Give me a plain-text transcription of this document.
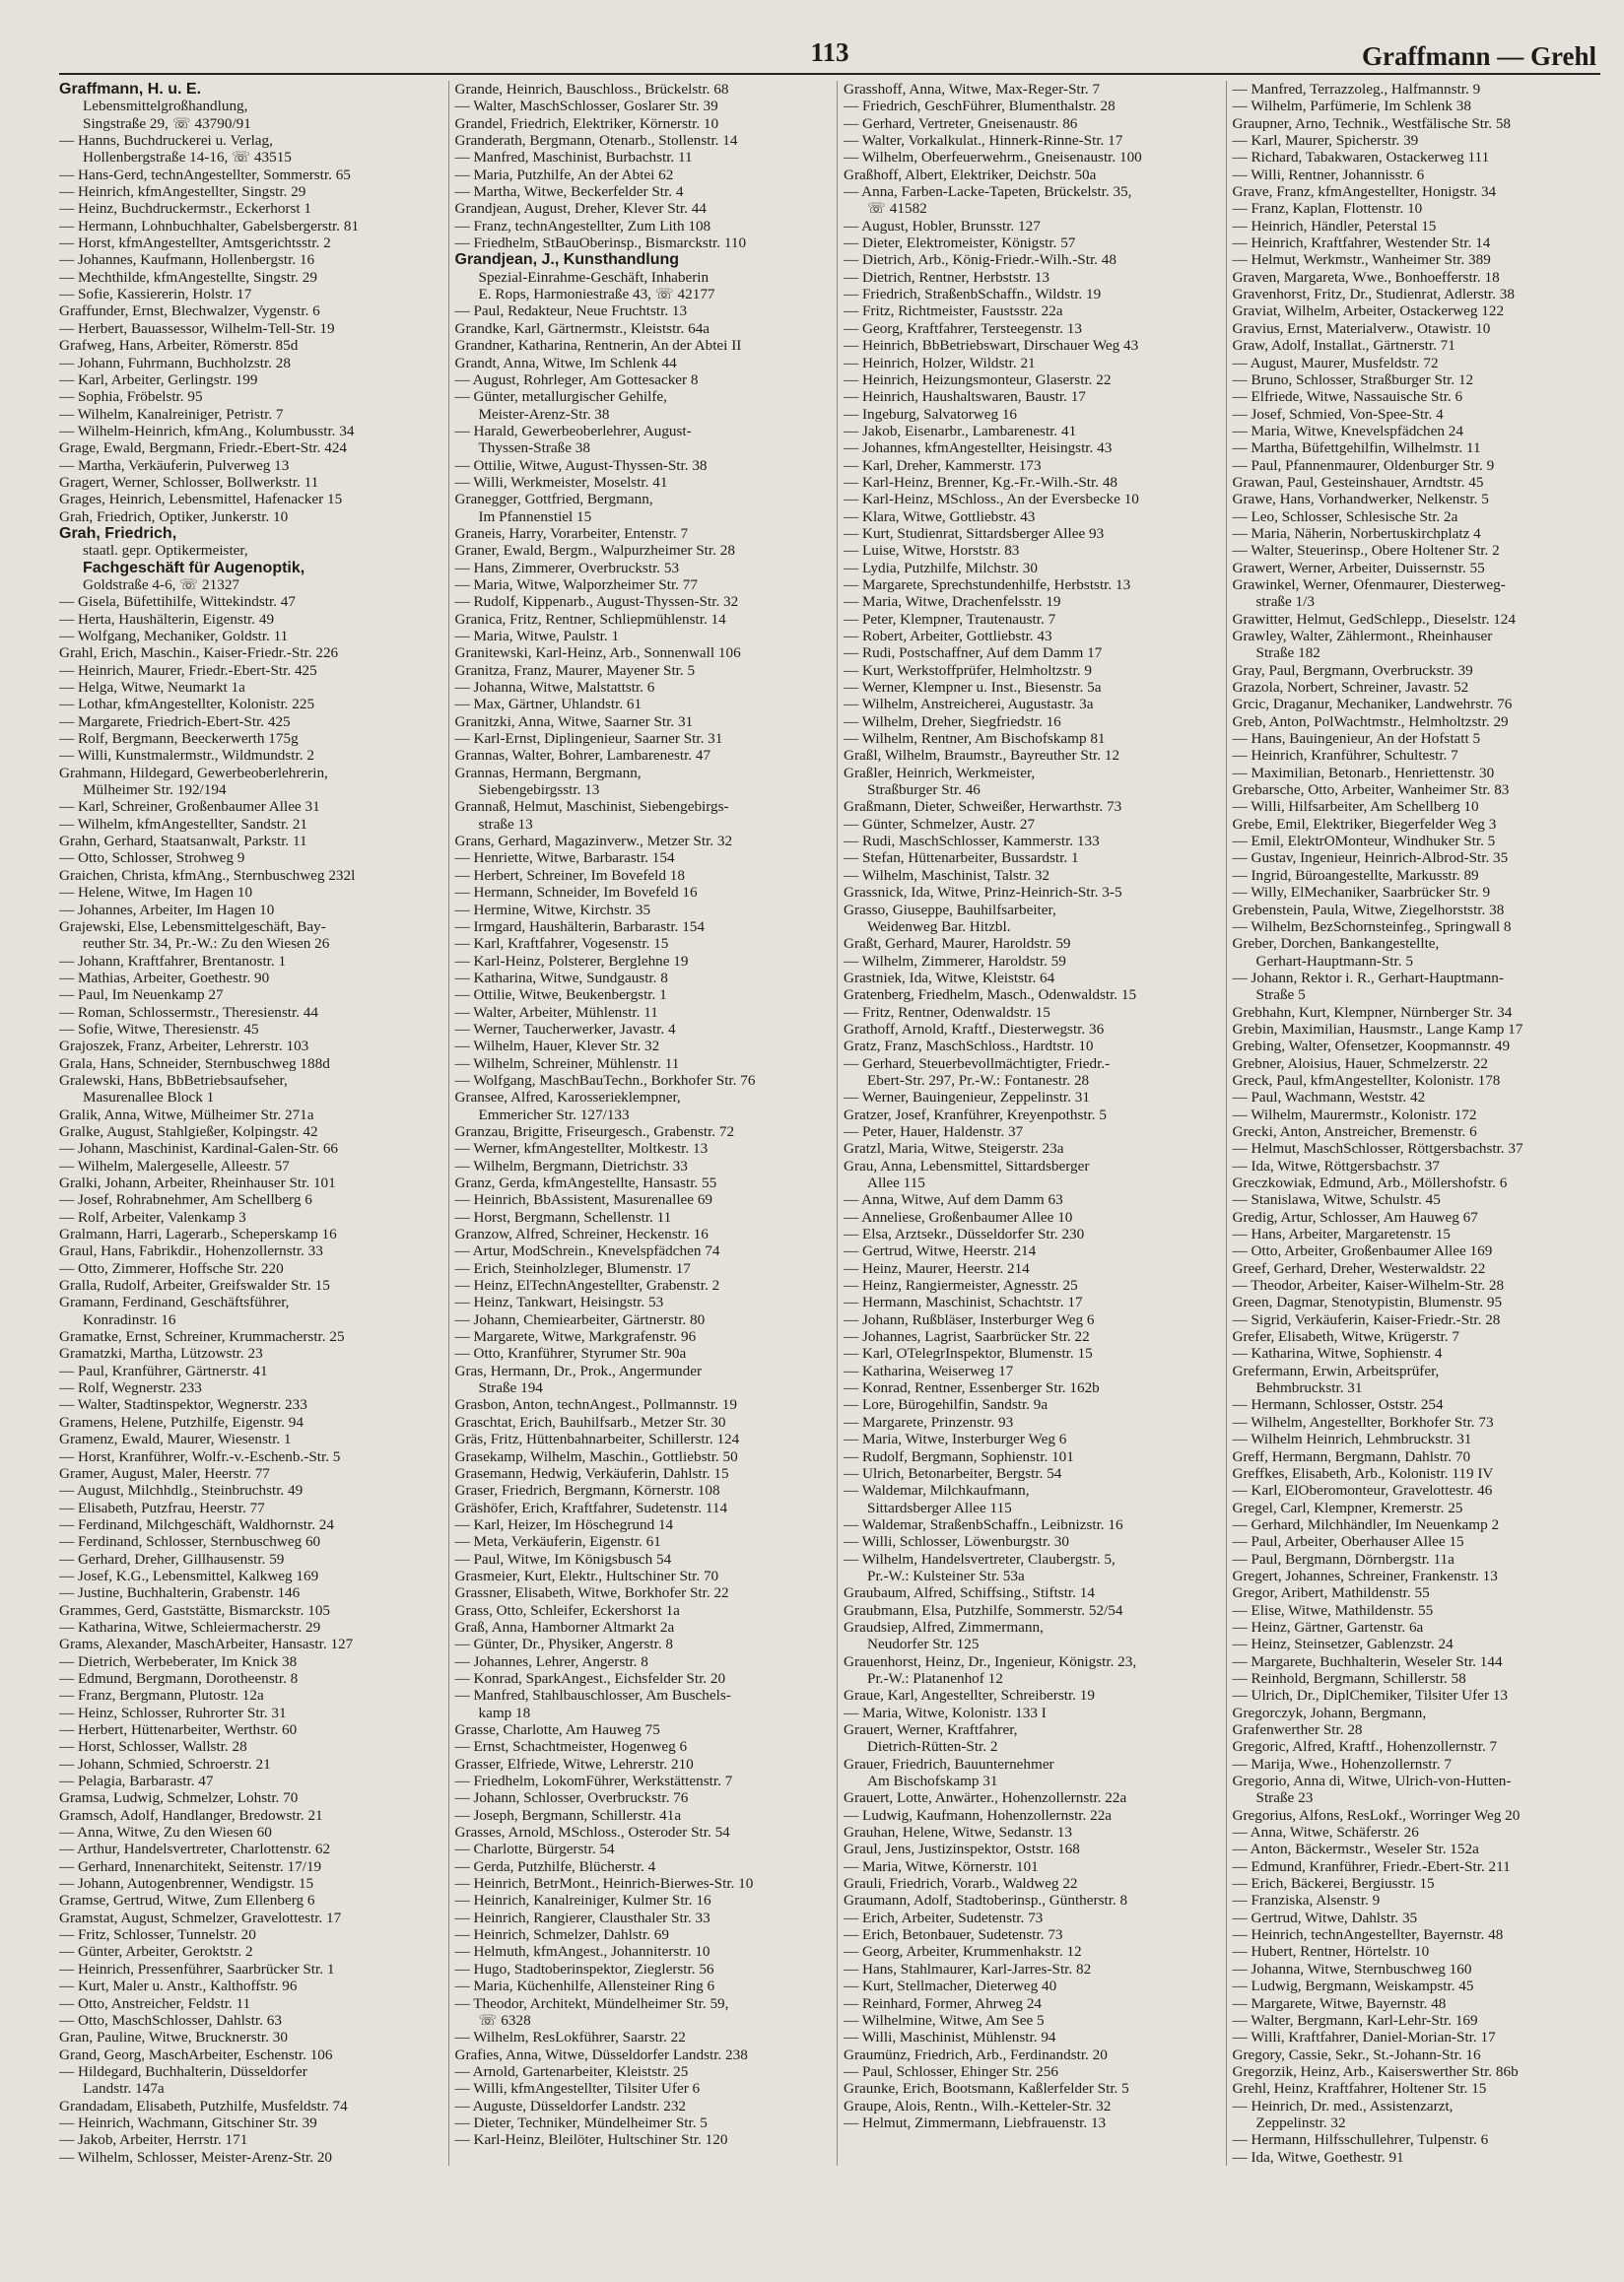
113	Graffmann — Grehl
Graffmann, H. u. E.
Lebensmittelgroßhandlung,
Singstraße 29, ☏ 43790/91
— Hanns, Buchdruckerei u. Verlag,
Hollenbergstraße 14-16, ☏ 43515
— Hans-Gerd, technAngestellter, Sommerstr. 65
— Heinrich, kfmAngestellter, Singstr. 29
— Heinz, Buchdruckermstr., Eckerhorst 1
— Hermann, Lohnbuchhalter, Gabelsbergerstr. 81
— Horst, kfmAngestellter, Amtsgerichtsstr. 2
— Johannes, Kaufmann, Hollenbergstr. 16
— Mechthilde, kfmAngestellte, Singstr. 29
— Sofie, Kassiererin, Holstr. 17
Graffunder, Ernst, Blechwalzer, Vygenstr. 6
— Herbert, Bauassessor, Wilhelm-Tell-Str. 19
Grafweg, Hans, Arbeiter, Römerstr. 85d
— Johann, Fuhrmann, Buchholzstr. 28
— Karl, Arbeiter, Gerlingstr. 199
— Sophia, Fröbelstr. 95
— Wilhelm, Kanalreiniger, Petristr. 7
— Wilhelm-Heinrich, kfmAng., Kolumbusstr. 34
Grage, Ewald, Bergmann, Friedr.-Ebert-Str. 424
— Martha, Verkäuferin, Pulverweg 13
Gragert, Werner, Schlosser, Bollwerkstr. 11
Grages, Heinrich, Lebensmittel, Hafenacker 15
Grah, Friedrich, Optiker, Junkerstr. 10
Grah, Friedrich,
staatl. gepr. Optikermeister,
Fachgeschäft für Augenoptik,
Goldstraße 4-6, ☏ 21327
— Gisela, Büfettihilfe, Wittekindstr. 47
— Herta, Haushälterin, Eigenstr. 49
— Wolfgang, Mechaniker, Goldstr. 11
Grahl, Erich, Maschin., Kaiser-Friedr.-Str. 226
— Heinrich, Maurer, Friedr.-Ebert-Str. 425
— Helga, Witwe, Neumarkt 1a
— Lothar, kfmAngestellter, Kolonistr. 225
— Margarete, Friedrich-Ebert-Str. 425
— Rolf, Bergmann, Beeckerwerth 175g
— Willi, Kunstmalermstr., Wildmundstr. 2
Grahmann, Hildegard, Gewerbeoberlehrerin,
Mülheimer Str. 192/194
— Karl, Schreiner, Großenbaumer Allee 31
— Wilhelm, kfmAngestellter, Sandstr. 21
Grahn, Gerhard, Staatsanwalt, Parkstr. 11
— Otto, Schlosser, Strohweg 9
Graichen, Christa, kfmAng., Sternbuschweg 232l
— Helene, Witwe, Im Hagen 10
— Johannes, Arbeiter, Im Hagen 10
Grajewski, Else, Lebensmittelgeschäft, Bay-
reuther Str. 34, Pr.-W.: Zu den Wiesen 26
— Johann, Kraftfahrer, Brentanostr. 1
— Mathias, Arbeiter, Goethestr. 90
— Paul, Im Neuenkamp 27
— Roman, Schlossermstr., Theresienstr. 44
— Sofie, Witwe, Theresienstr. 45
Grajoszek, Franz, Arbeiter, Lehrerstr. 103
Grala, Hans, Schneider, Sternbuschweg 188d
Gralewski, Hans, BbBetriebsaufseher,
Masurenallee Block 1
Gralik, Anna, Witwe, Mülheimer Str. 271a
Gralke, August, Stahlgießer, Kolpingstr. 42
— Johann, Maschinist, Kardinal-Galen-Str. 66
— Wilhelm, Malergeselle, Alleestr. 57
Gralki, Johann, Arbeiter, Rheinhauser Str. 101
— Josef, Rohrabnehmer, Am Schellberg 6
— Rolf, Arbeiter, Valenkamp 3
Gralmann, Harri, Lagerarb., Scheperskamp 16
Graul, Hans, Fabrikdir., Hohenzollernstr. 33
— Otto, Zimmerer, Hoffsche Str. 220
Gralla, Rudolf, Arbeiter, Greifswalder Str. 15
Gramann, Ferdinand, Geschäftsführer,
Konradinstr. 16
Gramatke, Ernst, Schreiner, Krummacherstr. 25
Gramatzki, Martha, Lützowstr. 23
— Paul, Kranführer, Gärtnerstr. 41
— Rolf, Wegnerstr. 233
— Walter, Stadtinspektor, Wegnerstr. 233
Gramens, Helene, Putzhilfe, Eigenstr. 94
Gramenz, Ewald, Maurer, Wiesenstr. 1
— Horst, Kranführer, Wolfr.-v.-Eschenb.-Str. 5
Gramer, August, Maler, Heerstr. 77
— August, Milchhdlg., Steinbruchstr. 49
— Elisabeth, Putzfrau, Heerstr. 77
— Ferdinand, Milchgeschäft, Waldhornstr. 24
— Ferdinand, Schlosser, Sternbuschweg 60
— Gerhard, Dreher, Gillhausenstr. 59
— Josef, K.G., Lebensmittel, Kalkweg 169
— Justine, Buchhalterin, Grabenstr. 146
Grammes, Gerd, Gaststätte, Bismarckstr. 105
— Katharina, Witwe, Schleiermacherstr. 29
Grams, Alexander, MaschArbeiter, Hansastr. 127
— Dietrich, Werbeberater, Im Knick 38
— Edmund, Bergmann, Dorotheenstr. 8
— Franz, Bergmann, Plutostr. 12a
— Heinz, Schlosser, Ruhrorter Str. 31
— Herbert, Hüttenarbeiter, Werthstr. 60
— Horst, Schlosser, Wallstr. 28
— Johann, Schmied, Schroerstr. 21
— Pelagia, Barbarastr. 47
Gramsa, Ludwig, Schmelzer, Lohstr. 70
Gramsch, Adolf, Handlanger, Bredowstr. 21
— Anna, Witwe, Zu den Wiesen 60
— Arthur, Handelsvertreter, Charlottenstr. 62
— Gerhard, Innenarchitekt, Seitenstr. 17/19
— Johann, Autogenbrenner, Wendigstr. 15
Gramse, Gertrud, Witwe, Zum Ellenberg 6
Gramstat, August, Schmelzer, Gravelottestr. 17
— Fritz, Schlosser, Tunnelstr. 20
— Günter, Arbeiter, Geroktstr. 2
— Heinrich, Pressenführer, Saarbrücker Str. 1
— Kurt, Maler u. Anstr., Kalthoffstr. 96
— Otto, Anstreicher, Feldstr. 11
— Otto, MaschSchlosser, Dahlstr. 63
Gran, Pauline, Witwe, Brucknerstr. 30
Grand, Georg, MaschArbeiter, Eschenstr. 106
— Hildegard, Buchhalterin, Düsseldorfer
Landstr. 147a
Grandadam, Elisabeth, Putzhilfe, Musfeldstr. 74
— Heinrich, Wachmann, Gitschiner Str. 39
— Jakob, Arbeiter, Herrstr. 171
— Wilhelm, Schlosser, Meister-Arenz-Str. 20
Grande, Heinrich, Bauschloss., Brückelstr. 68
— Walter, MaschSchlosser, Goslarer Str. 39
Grandel, Friedrich, Elektriker, Körnerstr. 10
Granderath, Bergmann, Otenarb., Stollenstr. 14
— Manfred, Maschinist, Burbachstr. 11
— Maria, Putzhilfe, An der Abtei 62
— Martha, Witwe, Beckerfelder Str. 4
Grandjean, August, Dreher, Klever Str. 44
— Franz, technAngestellter, Zum Lith 108
— Friedhelm, StBauOberinsp., Bismarckstr. 110
Grandjean, J., Kunsthandlung
Spezial-Einrahme-Geschäft, Inhaberin
E. Rops, Harmoniestraße 43, ☏ 42177
— Paul, Redakteur, Neue Fruchtstr. 13
Grandke, Karl, Gärtnermstr., Kleiststr. 64a
Grandner, Katharina, Rentnerin, An der Abtei II
Grandt, Anna, Witwe, Im Schlenk 44
— August, Rohrleger, Am Gottesacker 8
— Günter, metallurgischer Gehilfe,
Meister-Arenz-Str. 38
— Harald, Gewerbeoberlehrer, August-
Thyssen-Straße 38
— Ottilie, Witwe, August-Thyssen-Str. 38
— Willi, Werkmeister, Moselstr. 41
Granegger, Gottfried, Bergmann,
Im Pfannenstiel 15
Graneis, Harry, Vorarbeiter, Entenstr. 7
Graner, Ewald, Bergm., Walpurzheimer Str. 28
— Hans, Zimmerer, Overbruckstr. 53
— Maria, Witwe, Walporzheimer Str. 77
— Rudolf, Kippenarb., August-Thyssen-Str. 32
Granica, Fritz, Rentner, Schliepmühlenstr. 14
— Maria, Witwe, Paulstr. 1
Granitewski, Karl-Heinz, Arb., Sonnenwall 106
Granitza, Franz, Maurer, Mayener Str. 5
— Johanna, Witwe, Malstattstr. 6
— Max, Gärtner, Uhlandstr. 61
Granitzki, Anna, Witwe, Saarner Str. 31
— Karl-Ernst, Diplingenieur, Saarner Str. 31
Grannas, Walter, Bohrer, Lambarenestr. 47
Grannas, Hermann, Bergmann,
Siebengebirgsstr. 13
Grannaß, Helmut, Maschinist, Siebengebirgs-
straße 13
Grans, Gerhard, Magazinverw., Metzer Str. 32
— Henriette, Witwe, Barbarastr. 154
— Herbert, Schreiner, Im Bovefeld 18
— Hermann, Schneider, Im Bovefeld 16
— Hermine, Witwe, Kirchstr. 35
— Irmgard, Haushälterin, Barbarastr. 154
— Karl, Kraftfahrer, Vogesenstr. 15
— Karl-Heinz, Polsterer, Berglehne 19
— Katharina, Witwe, Sundgaustr. 8
— Ottilie, Witwe, Beukenbergstr. 1
— Walter, Arbeiter, Mühlenstr. 11
— Werner, Taucherwerker, Javastr. 4
— Wilhelm, Hauer, Klever Str. 32
— Wilhelm, Schreiner, Mühlenstr. 11
— Wolfgang, MaschBauTechn., Borkhofer Str. 76
Gransee, Alfred, Karosserieklempner,
Emmericher Str. 127/133
Granzau, Brigitte, Friseurgesch., Grabenstr. 72
— Werner, kfmAngestellter, Moltkestr. 13
— Wilhelm, Bergmann, Dietrichstr. 33
Granz, Gerda, kfmAngestellte, Hansastr. 55
— Heinrich, BbAssistent, Masurenallee 69
— Horst, Bergmann, Schellenstr. 11
Granzow, Alfred, Schreiner, Heckenstr. 16
— Artur, ModSchrein., Knevelspfädchen 74
— Erich, Steinholzleger, Blumenstr. 17
— Heinz, ElTechnAngestellter, Grabenstr. 2
— Heinz, Tankwart, Heisingstr. 53
— Johann, Chemiearbeiter, Gärtnerstr. 80
— Margarete, Witwe, Markgrafenstr. 96
— Otto, Kranführer, Styrumer Str. 90a
Gras, Hermann, Dr., Prok., Angermunder
Straße 194
Grasbon, Anton, technAngest., Pollmannstr. 19
Graschtat, Erich, Bauhilfsarb., Metzer Str. 30
Gräs, Fritz, Hüttenbahnarbeiter, Schillerstr. 124
Grasekamp, Wilhelm, Maschin., Gottliebstr. 50
Grasemann, Hedwig, Verkäuferin, Dahlstr. 15
Graser, Friedrich, Bergmann, Körnerstr. 108
Gräshöfer, Erich, Kraftfahrer, Sudetenstr. 114
— Karl, Heizer, Im Höschegrund 14
— Meta, Verkäuferin, Eigenstr. 61
— Paul, Witwe, Im Königsbusch 54
Grasmeier, Kurt, Elektr., Hultschiner Str. 70
Grassner, Elisabeth, Witwe, Borkhofer Str. 22
Grass, Otto, Schleifer, Eckershorst 1a
Graß, Anna, Hamborner Altmarkt 2a
— Günter, Dr., Physiker, Angerstr. 8
— Johannes, Lehrer, Angerstr. 8
— Konrad, SparkAngest., Eichsfelder Str. 20
— Manfred, Stahlbauschlosser, Am Buschels-
kamp 18
Grasse, Charlotte, Am Hauweg 75
— Ernst, Schachtmeister, Hogenweg 6
Grasser, Elfriede, Witwe, Lehrerstr. 210
— Friedhelm, LokomFührer, Werkstättenstr. 7
— Johann, Schlosser, Overbruckstr. 76
— Joseph, Bergmann, Schillerstr. 41a
Grasses, Arnold, MSchloss., Osteroder Str. 54
— Charlotte, Bürgerstr. 54
— Gerda, Putzhilfe, Blücherstr. 4
— Heinrich, BetrMont., Heinrich-Bierwes-Str. 10
— Heinrich, Kanalreiniger, Kulmer Str. 16
— Heinrich, Rangierer, Clausthaler Str. 33
— Heinrich, Schmelzer, Dahlstr. 69
— Helmuth, kfmAngest., Johanniterstr. 10
— Hugo, Stadtoberinspektor, Zieglerstr. 56
— Maria, Küchenhilfe, Allensteiner Ring 6
— Theodor, Architekt, Mündelheimer Str. 59,
☏ 6328
— Wilhelm, ResLokführer, Saarstr. 22
Grafies, Anna, Witwe, Düsseldorfer Landstr. 238
— Arnold, Gartenarbeiter, Kleiststr. 25
— Willi, kfmAngestellter, Tilsiter Ufer 6
— Auguste, Düsseldorfer Landstr. 232
— Dieter, Techniker, Mündelheimer Str. 5
— Karl-Heinz, Bleilöter, Hultschiner Str. 120
Grasshoff, Anna, Witwe, Max-Reger-Str. 7
— Friedrich, GeschFührer, Blumenthalstr. 28
— Gerhard, Vertreter, Gneisenaustr. 86
— Walter, Vorkalkulat., Hinnerk-Rinne-Str. 17
— Wilhelm, Oberfeuerwehrm., Gneisenaustr. 100
Graßhoff, Albert, Elektriker, Deichstr. 50a
— Anna, Farben-Lacke-Tapeten, Brückelstr. 35,
☏ 41582
— August, Hobler, Brunsstr. 127
— Dieter, Elektromeister, Königstr. 57
— Dietrich, Arb., König-Friedr.-Wilh.-Str. 48
— Dietrich, Rentner, Herbststr. 13
— Friedrich, StraßenbSchaffn., Wildstr. 19
— Fritz, Richtmeister, Faustsstr. 22a
— Georg, Kraftfahrer, Tersteegenstr. 13
— Heinrich, BbBetriebswart, Dirschauer Weg 43
— Heinrich, Holzer, Wildstr. 21
— Heinrich, Heizungsmonteur, Glaserstr. 22
— Heinrich, Haushaltswaren, Baustr. 17
— Ingeburg, Salvatorweg 16
— Jakob, Eisenarbr., Lambarenestr. 41
— Johannes, kfmAngestellter, Heisingstr. 43
— Karl, Dreher, Kammerstr. 173
— Karl-Heinz, Brenner, Kg.-Fr.-Wilh.-Str. 48
— Karl-Heinz, MSchloss., An der Eversbecke 10
— Klara, Witwe, Gottliebstr. 43
— Kurt, Studienrat, Sittardsberger Allee 93
— Luise, Witwe, Horststr. 83
— Lydia, Putzhilfe, Milchstr. 30
— Margarete, Sprechstundenhilfe, Herbststr. 13
— Maria, Witwe, Drachenfelsstr. 19
— Peter, Klempner, Trautenaustr. 7
— Robert, Arbeiter, Gottliebstr. 43
— Rudi, Postschaffner, Auf dem Damm 17
— Kurt, Werkstoffprüfer, Helmholtzstr. 9
— Werner, Klempner u. Inst., Biesenstr. 5a
— Wilhelm, Anstreicherei, Augustastr. 3a
— Wilhelm, Dreher, Siegfriedstr. 16
— Wilhelm, Rentner, Am Bischofskamp 81
Graßl, Wilhelm, Braumstr., Bayreuther Str. 12
Graßler, Heinrich, Werkmeister,
Straßburger Str. 46
Graßmann, Dieter, Schweißer, Herwarthstr. 73
— Günter, Schmelzer, Austr. 27
— Rudi, MaschSchlosser, Kammerstr. 133
— Stefan, Hüttenarbeiter, Bussardstr. 1
— Wilhelm, Maschinist, Talstr. 32
Grassnick, Ida, Witwe, Prinz-Heinrich-Str. 3-5
Grasso, Giuseppe, Bauhilfsarbeiter,
Weidenweg Bar. Hitzbl.
Graßt, Gerhard, Maurer, Haroldstr. 59
— Wilhelm, Zimmerer, Haroldstr. 59
Grastniek, Ida, Witwe, Kleiststr. 64
Gratenberg, Friedhelm, Masch., Odenwaldstr. 15
— Fritz, Rentner, Odenwaldstr. 15
Grathoff, Arnold, Kraftf., Diesterwegstr. 36
Gratz, Franz, MaschSchloss., Hardtstr. 10
— Gerhard, Steuerbevollmächtigter, Friedr.-
Ebert-Str. 297, Pr.-W.: Fontanestr. 28
— Werner, Bauingenieur, Zeppelinstr. 31
Gratzer, Josef, Kranführer, Kreyenpothstr. 5
— Peter, Hauer, Haldenstr. 37
Gratzl, Maria, Witwe, Steigerstr. 23a
Grau, Anna, Lebensmittel, Sittardsberger
Allee 115
— Anna, Witwe, Auf dem Damm 63
— Anneliese, Großenbaumer Allee 10
— Elsa, Arztsekr., Düsseldorfer Str. 230
— Gertrud, Witwe, Heerstr. 214
— Heinz, Maurer, Heerstr. 214
— Heinz, Rangiermeister, Agnesstr. 25
— Hermann, Maschinist, Schachtstr. 17
— Johann, Rußbläser, Insterburger Weg 6
— Johannes, Lagrist, Saarbrücker Str. 22
— Karl, OTelegrInspektor, Blumenstr. 15
— Katharina, Weiserweg 17
— Konrad, Rentner, Essenberger Str. 162b
— Lore, Bürogehilfin, Sandstr. 9a
— Margarete, Prinzenstr. 93
— Maria, Witwe, Insterburger Weg 6
— Rudolf, Bergmann, Sophienstr. 101
— Ulrich, Betonarbeiter, Bergstr. 54
— Waldemar, Milchkaufmann,
Sittardsberger Allee 115
— Waldemar, StraßenbSchaffn., Leibnizstr. 16
— Willi, Schlosser, Löwenburgstr. 30
— Wilhelm, Handelsvertreter, Claubergstr. 5,
Pr.-W.: Kulsteiner Str. 53a
Graubaum, Alfred, Schiffsing., Stiftstr. 14
Graubmann, Elsa, Putzhilfe, Sommerstr. 52/54
Graudsiep, Alfred, Zimmermann,
Neudorfer Str. 125
Grauenhorst, Heinz, Dr., Ingenieur, Königstr. 23,
Pr.-W.: Platanenhof 12
Graue, Karl, Angestellter, Schreiberstr. 19
— Maria, Witwe, Kolonistr. 133 I
Grauert, Werner, Kraftfahrer,
Dietrich-Rütten-Str. 2
Grauer, Friedrich, Bauunternehmer
Am Bischofskamp 31
Grauert, Lotte, Anwärter., Hohenzollernstr. 22a
— Ludwig, Kaufmann, Hohenzollernstr. 22a
Grauhan, Helene, Witwe, Sedanstr. 13
Graul, Jens, Justizinspektor, Oststr. 168
— Maria, Witwe, Körnerstr. 101
Grauli, Friedrich, Vorarb., Waldweg 22
Graumann, Adolf, Stadtoberinsp., Güntherstr. 8
— Erich, Arbeiter, Sudetenstr. 73
— Erich, Betonbauer, Sudetenstr. 73
— Georg, Arbeiter, Krummenhakstr. 12
— Hans, Stahlmaurer, Karl-Jarres-Str. 82
— Kurt, Stellmacher, Dieterweg 40
— Reinhard, Former, Ahrweg 24
— Wilhelmine, Witwe, Am See 5
— Willi, Maschinist, Mühlenstr. 94
Graumünz, Friedrich, Arb., Ferdinandstr. 20
— Paul, Schlosser, Ehinger Str. 256
Graunke, Erich, Bootsmann, Kaßlerfelder Str. 5
Graupe, Alois, Rentn., Wilh.-Ketteler-Str. 32
— Helmut, Zimmermann, Liebfrauenstr. 13
— Manfred, Terrazzoleg., Halfmannstr. 9
— Wilhelm, Parfümerie, Im Schlenk 38
Graupner, Arno, Technik., Westfälische Str. 58
— Karl, Maurer, Spicherstr. 39
— Richard, Tabakwaren, Ostackerweg 111
— Willi, Rentner, Johannisstr. 6
Grave, Franz, kfmAngestellter, Honigstr. 34
— Franz, Kaplan, Flottenstr. 10
— Heinrich, Händler, Peterstal 15
— Heinrich, Kraftfahrer, Westender Str. 14
— Helmut, Werkmstr., Wanheimer Str. 389
Graven, Margareta, Wwe., Bonhoefferstr. 18
Gravenhorst, Fritz, Dr., Studienrat, Adlerstr. 38
Graviat, Wilhelm, Arbeiter, Ostackerweg 122
Gravius, Ernst, Materialverw., Otawistr. 10
Graw, Adolf, Installat., Gärtnerstr. 71
— August, Maurer, Musfeldstr. 72
— Bruno, Schlosser, Straßburger Str. 12
— Elfriede, Witwe, Nassauische Str. 6
— Josef, Schmied, Von-Spee-Str. 4
— Maria, Witwe, Knevelspfädchen 24
— Martha, Büfettgehilfin, Wilhelmstr. 11
— Paul, Pfannenmaurer, Oldenburger Str. 9
Grawan, Paul, Gesteinshauer, Arndtstr. 45
Grawe, Hans, Vorhandwerker, Nelkenstr. 5
— Leo, Schlosser, Schlesische Str. 2a
— Maria, Näherin, Norbertuskirchplatz 4
— Walter, Steuerinsp., Obere Holtener Str. 2
Grawert, Werner, Arbeiter, Duissernstr. 55
Grawinkel, Werner, Ofenmaurer, Diesterweg-
straße 1/3
Grawitter, Helmut, GedSchlepp., Dieselstr. 124
Grawley, Walter, Zählermont., Rheinhauser
Straße 182
Gray, Paul, Bergmann, Overbruckstr. 39
Grazola, Norbert, Schreiner, Javastr. 52
Grcic, Draganur, Mechaniker, Landwehrstr. 76
Greb, Anton, PolWachtmstr., Helmholtzstr. 29
— Hans, Bauingenieur, An der Hofstatt 5
— Heinrich, Kranführer, Schultestr. 7
— Maximilian, Betonarb., Henriettenstr. 30
Grebarsche, Otto, Arbeiter, Wanheimer Str. 83
— Willi, Hilfsarbeiter, Am Schellberg 10
Grebe, Emil, Elektriker, Biegerfelder Weg 3
— Emil, ElektrOMonteur, Windhuker Str. 5
— Gustav, Ingenieur, Heinrich-Albrod-Str. 35
— Ingrid, Büroangestellte, Markusstr. 89
— Willy, ElMechaniker, Saarbrücker Str. 9
Grebenstein, Paula, Witwe, Ziegelhorststr. 38
— Wilhelm, BezSchornsteinfeg., Springwall 8
Greber, Dorchen, Bankangestellte,
Gerhart-Hauptmann-Str. 5
— Johann, Rektor i. R., Gerhart-Hauptmann-
Straße 5
Grebhahn, Kurt, Klempner, Nürnberger Str. 34
Grebin, Maximilian, Hausmstr., Lange Kamp 17
Grebing, Walter, Ofensetzer, Koopmannstr. 49
Grebner, Aloisius, Hauer, Schmelzerstr. 22
Greck, Paul, kfmAngestellter, Kolonistr. 178
— Paul, Wachmann, Weststr. 42
— Wilhelm, Maurermstr., Kolonistr. 172
Grecki, Anton, Anstreicher, Bremenstr. 6
— Helmut, MaschSchlosser, Röttgersbachstr. 37
— Ida, Witwe, Röttgersbachstr. 37
Greczkowiak, Edmund, Arb., Möllershofstr. 6
— Stanislawa, Witwe, Schulstr. 45
Gredig, Artur, Schlosser, Am Hauweg 67
— Hans, Arbeiter, Margaretenstr. 15
— Otto, Arbeiter, Großenbaumer Allee 169
Greef, Gerhard, Dreher, Westerwaldstr. 22
— Theodor, Arbeiter, Kaiser-Wilhelm-Str. 28
Green, Dagmar, Stenotypistin, Blumenstr. 95
— Sigrid, Verkäuferin, Kaiser-Friedr.-Str. 28
Grefer, Elisabeth, Witwe, Krügerstr. 7
— Katharina, Witwe, Sophienstr. 4
Grefermann, Erwin, Arbeitsprüfer,
Behmbruckstr. 31
— Hermann, Schlosser, Oststr. 254
— Wilhelm, Angestellter, Borkhofer Str. 73
— Wilhelm Heinrich, Lehmbruckstr. 31
Greff, Hermann, Bergmann, Dahlstr. 70
Greffkes, Elisabeth, Arb., Kolonistr. 119 IV
— Karl, ElOberomonteur, Gravelottestr. 46
Gregel, Carl, Klempner, Kremerstr. 25
— Gerhard, Milchhändler, Im Neuenkamp 2
— Paul, Arbeiter, Oberhauser Allee 15
— Paul, Bergmann, Dörnbergstr. 11a
Gregert, Johannes, Schreiner, Frankenstr. 13
Gregor, Aribert, Mathildenstr. 55
— Elise, Witwe, Mathildenstr. 55
— Heinz, Gärtner, Gartenstr. 6a
— Heinz, Steinsetzer, Gablenzstr. 24
— Margarete, Buchhalterin, Weseler Str. 144
— Reinhold, Bergmann, Schillerstr. 58
— Ulrich, Dr., DiplChemiker, Tilsiter Ufer 13
Gregorczyk, Johann, Bergmann,
Grafenwerther Str. 28
Gregoric, Alfred, Kraftf., Hohenzollernstr. 7
— Marija, Wwe., Hohenzollernstr. 7
Gregorio, Anna di, Witwe, Ulrich-von-Hutten-
Straße 23
Gregorius, Alfons, ResLokf., Worringer Weg 20
— Anna, Witwe, Schäferstr. 26
— Anton, Bäckermstr., Weseler Str. 152a
— Edmund, Kranführer, Friedr.-Ebert-Str. 211
— Erich, Bäckerei, Bergiusstr. 15
— Franziska, Alsenstr. 9
— Gertrud, Witwe, Dahlstr. 35
— Heinrich, technAngestellter, Bayernstr. 48
— Hubert, Rentner, Hörtelstr. 10
— Johanna, Witwe, Sternbuschweg 160
— Ludwig, Bergmann, Weiskampstr. 45
— Margarete, Witwe, Bayernstr. 48
— Walter, Bergmann, Karl-Lehr-Str. 169
— Willi, Kraftfahrer, Daniel-Morian-Str. 17
Gregory, Cassie, Sekr., St.-Johann-Str. 16
Gregorzik, Heinz, Arb., Kaiserswerther Str. 86b
Grehl, Heinz, Kraftfahrer, Holtener Str. 15
— Heinrich, Dr. med., Assistenzarzt,
Zeppelinstr. 32
— Hermann, Hilfsschullehrer, Tulpenstr. 6
— Ida, Witwe, Goethestr. 91
